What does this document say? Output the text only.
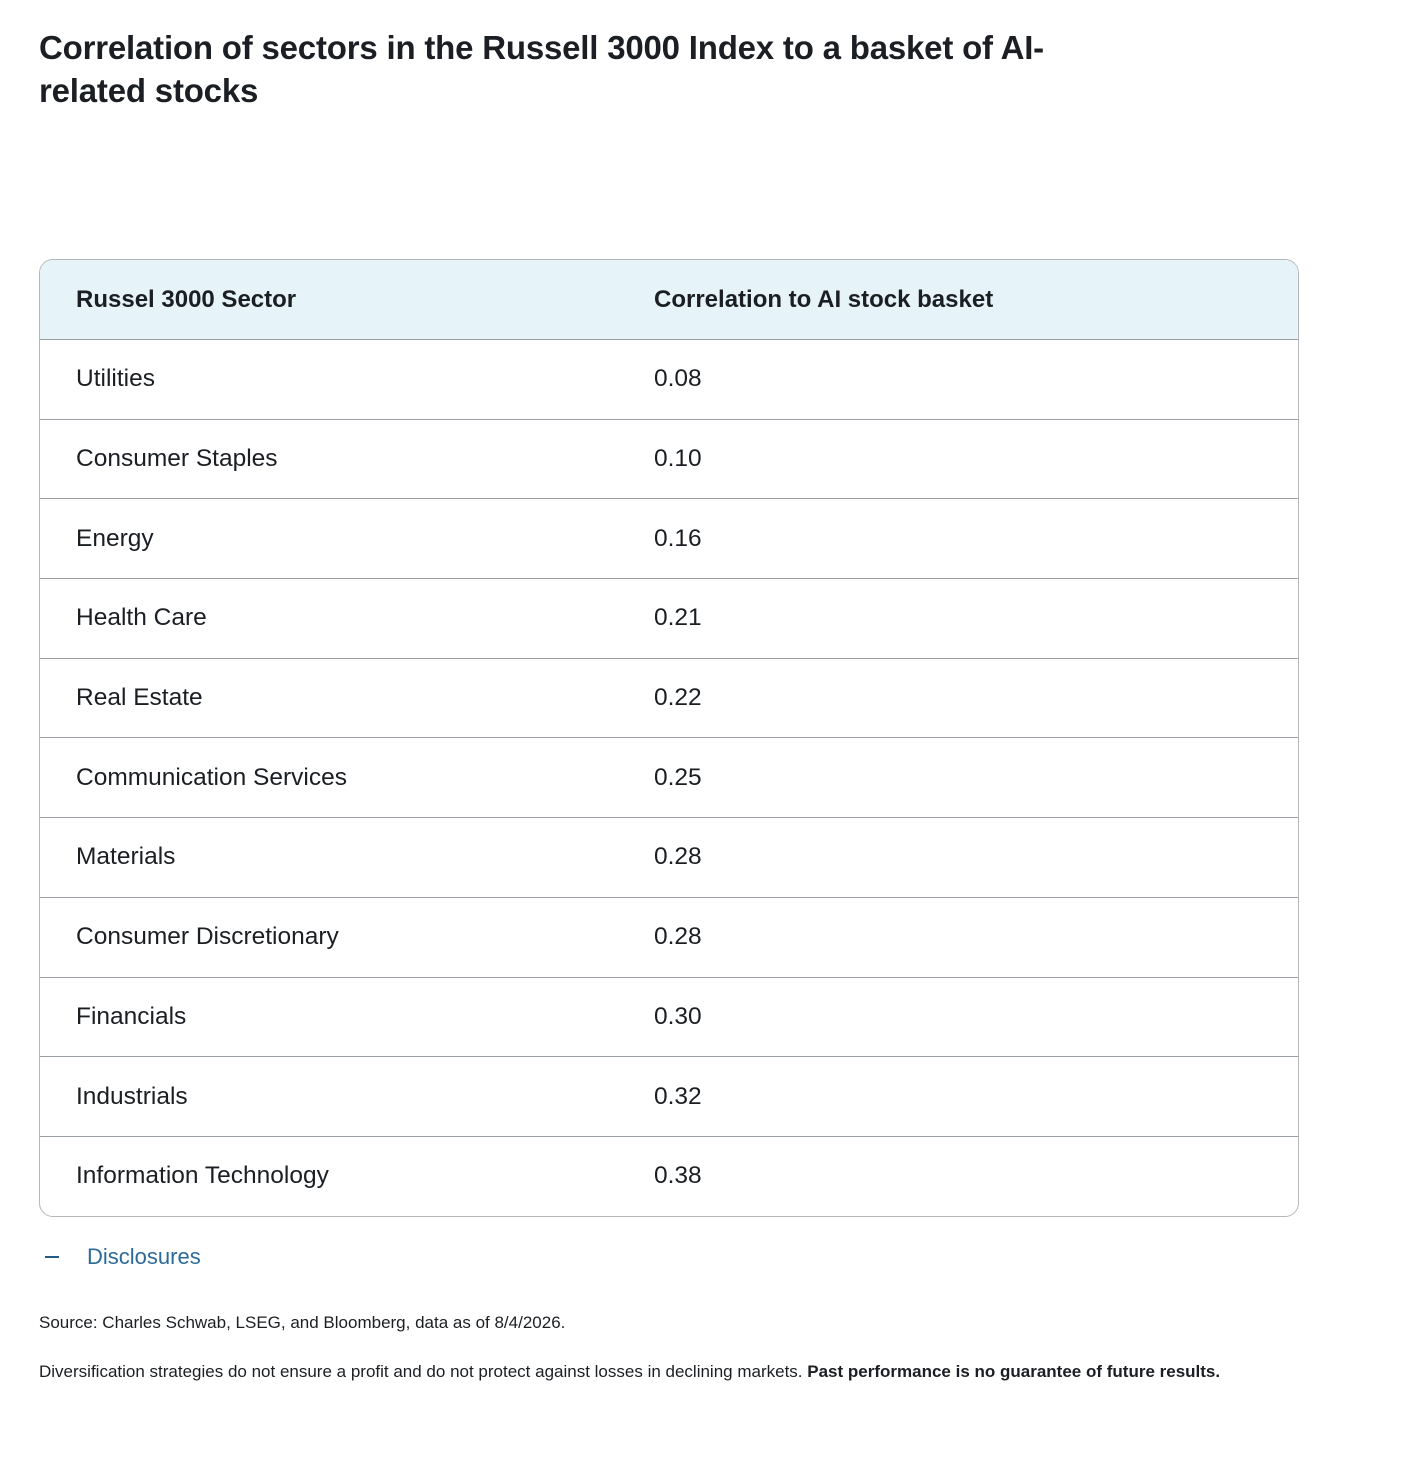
Correlation of sectors in the Russell 3000 Index to a basket of AI-related stocks
Russel 3000 Sector	Correlation to AI stock basket
Utilities	0.08
Consumer Staples	0.10
Energy	0.16
Health Care	0.21
Real Estate	0.22
Communication Services	0.25
Materials	0.28
Consumer Discretionary	0.28
Financials	0.30
Industrials	0.32
Information Technology	0.38
Disclosures

Source: Charles Schwab, LSEG, and Bloomberg, data as of 8/4/2026.

Diversification strategies do not ensure a profit and do not protect against losses in declining markets. Past performance is no guarantee of future results.
